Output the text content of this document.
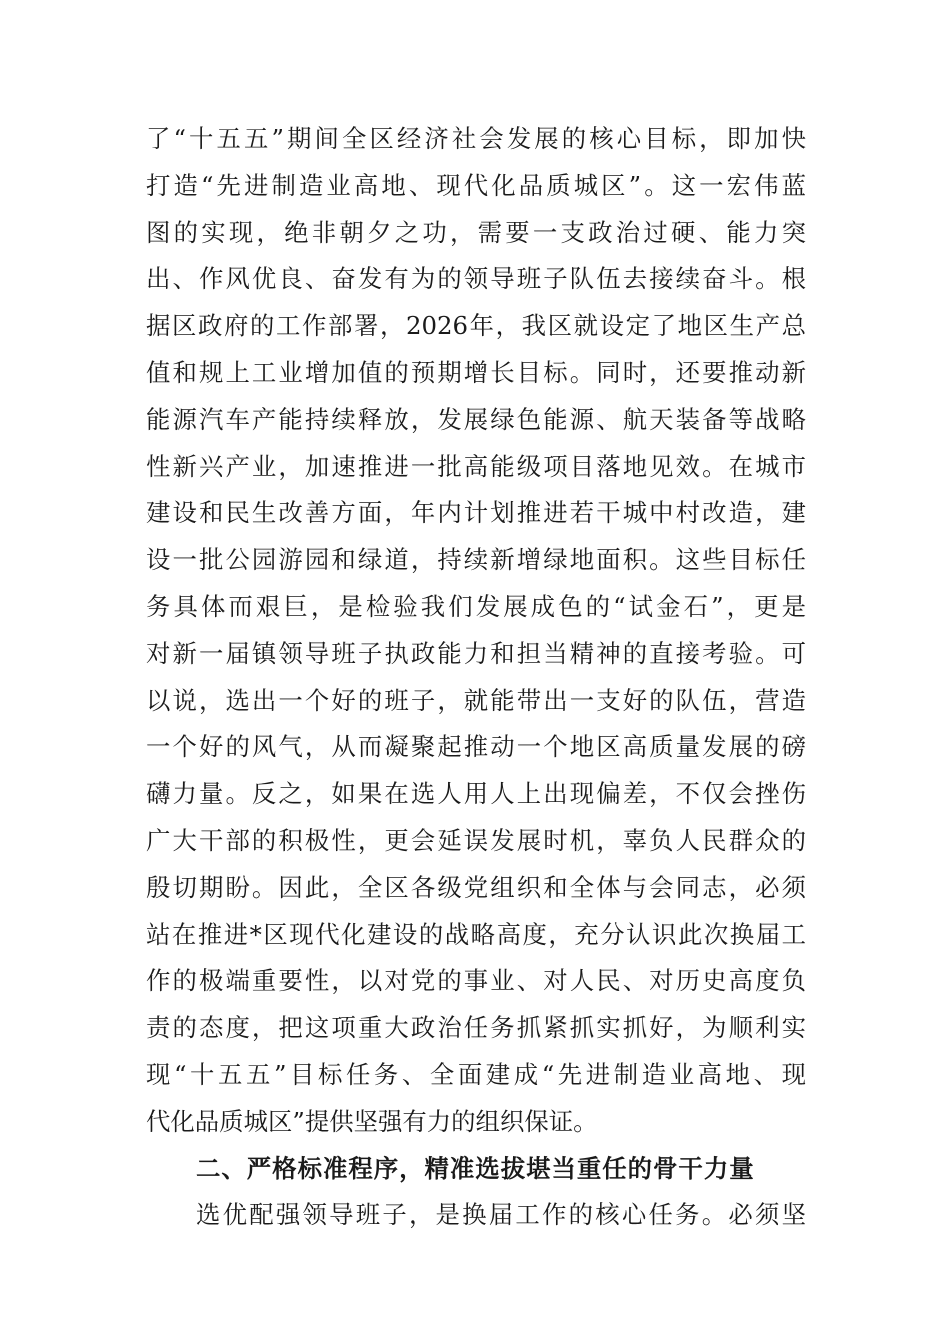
了“十五五”期间全区经济社会发展的核心目标，即加快
打造“先进制造业高地、现代化品质城区”。这一宏伟蓝
图的实现，绝非朝夕之功，需要一支政治过硬、能力突
出、作风优良、奋发有为的领导班子队伍去接续奋斗。根
据区政府的工作部署，2026年，我区就设定了地区生产总
值和规上工业增加值的预期增长目标。同时，还要推动新
能源汽车产能持续释放，发展绿色能源、航天装备等战略
性新兴产业，加速推进一批高能级项目落地见效。在城市
建设和民生改善方面，年内计划推进若干城中村改造，建
设一批公园游园和绿道，持续新增绿地面积。这些目标任
务具体而艰巨，是检验我们发展成色的“试金石”，更是
对新一届镇领导班子执政能力和担当精神的直接考验。可
以说，选出一个好的班子，就能带出一支好的队伍，营造
一个好的风气，从而凝聚起推动一个地区高质量发展的磅
礴力量。反之，如果在选人用人上出现偏差，不仅会挫伤
广大干部的积极性，更会延误发展时机，辜负人民群众的
殷切期盼。因此，全区各级党组织和全体与会同志，必须
站在推进*区现代化建设的战略高度，充分认识此次换届工
作的极端重要性，以对党的事业、对人民、对历史高度负
责的态度，把这项重大政治任务抓紧抓实抓好，为顺利实
现“十五五”目标任务、全面建成“先进制造业高地、现
代化品质城区”提供坚强有力的组织保证。
二、严格标准程序，精准选拔堪当重任的骨干力量
选优配强领导班子，是换届工作的核心任务。必须坚
